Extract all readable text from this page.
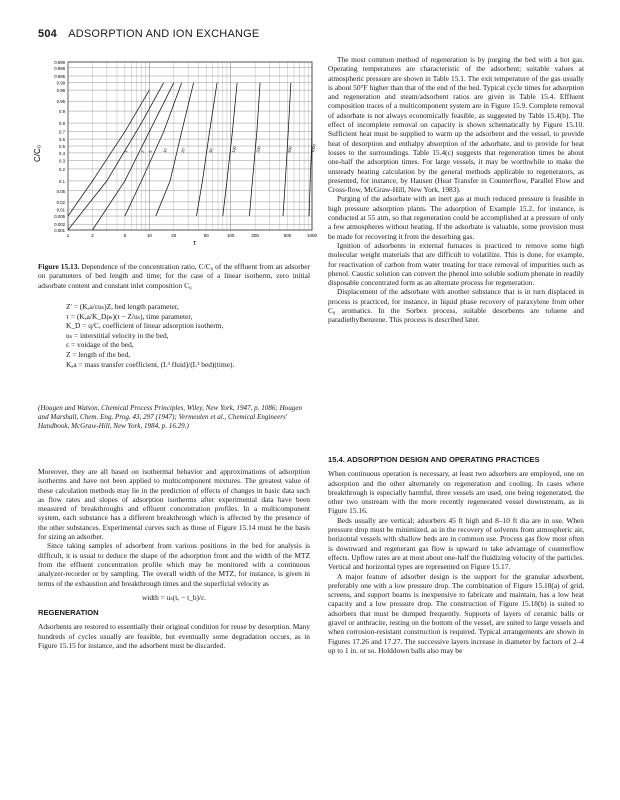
504 ADSORPTION AND ION EXCHANGE
0.999
0.998
0.995
0.99
0.98
0.95
0.9
0.8
0.7
0.6
0.5
0.4
0.3
0.2
0.1
0.05
0.02
0.01
0.005
0.002
0.001
1	2	5	10	20	50	100	200	500	1000
1	2 5	10	20	50	100	200	500	1000
C/C₀
τ
Figure 15.13. Dependence of the concentration ratio, C/C₀ of the effluent from an adsorber on parameters of bed length and time; for the case of a linear isotherm, zero initial adsorbate content and constant inlet composition C₀
Z' = (Kₐa/εuₛ)Z, bed length parameter,
τ = (Kₐa/K_Dρₛ)(t − Z/uₛ), time parameter,
K_D = q/C, coefficient of linear adsorption isotherm,
uₛ = interstitial velocity in the bed,
ε = voidage of the bed,
Z = length of the bed,
Kₐa = mass transfer coefficient, (L³ fluid)/(L³ bed)(time).
(Hougen and Watson, Chemical Process Principles, Wiley, New York, 1947, p. 1086; Hougen and Marshall, Chem. Eng. Prog. 43, 297 (1947); Vermeulen et al., Chemical Engineers' Handbook, McGraw-Hill, New York, 1984, p. 16.29.)

Moreover, they are all based on isothermal behavior and approximations of adsorption isotherms and have not been applied to multicomponent mixtures. The greatest value of these calculation methods may lie in the prediction of effects of changes in basic data such as flow rates and slopes of adsorption isotherms after experimental data have been measured of breakthroughs and effluent concentration profiles. In a multicomponent system, each substance has a different breakthrough which is affected by the presence of the other substances. Experimental curves such as those of Figure 15.14 must be the basis for sizing an adsorber.

Since taking samples of adsorbent from various positions in the bed for analysis is difficult, it is usual to deduce the shape of the adsorption front and the width of the MTZ from the effluent concentration profile which may be monitored with a continuous analyzer-recorder or by sampling. The overall width of the MTZ, for instance, is given in terms of the exhaustion and breakthrough times and the superficial velocity as

width = uₛ(tₑ − t_b)/ε.
REGENERATION

Adsorbents are restored to essentially their original condition for reuse by desorption. Many hundreds of cycles usually are feasible, but eventually some degradation occurs, as in Figure 15.15 for instance, and the adsorbent must be discarded.

The most common method of regeneration is by purging the bed with a hot gas. Operating temperatures are characteristic of the adsorbent; suitable values at atmospheric pressure are shown in Table 15.1. The exit temperature of the gas usually is about 50°F higher than that of the end of the bed. Typical cycle times for adsorption and regeneration and steam/adsorbent ratios are given in Table 15.4. Effluent composition traces of a multicomponent system are in Figure 15.9. Complete removal of adsorbate is not always economically feasible, as suggested by Table 15.4(b). The effect of incomplete removal on capacity is shown schematically by Figure 15.10. Sufficient heat must be supplied to warm up the adsorbent and the vessel, to provide heat of desorption and enthalpy absorption of the adsorbate, and to provide for heat losses to the surroundings. Table 15.4(c) suggests that regeneration times be about one-half the adsorption times. For large vessels, it may be worthwhile to make the unsteady heating calculation by the general methods applicable to regenerators, as presented, for instance, by Hausen (Heat Transfer in Counterflow, Parallel Flow and Cross-flow, McGraw-Hill, New York, 1983).

Purging of the adsorbate with an inert gas at much reduced pressure is feasible in high pressure adsorption plants. The adsorption of Example 15.2, for instance, is conducted at 55 atm, so that regeneration could be accomplished at a pressure of only a few atmospheres without heating. If the adsorbate is valuable, some provision must be made for recovering it from the desorbing gas.

Ignition of adsorbents in external furnaces is practiced to remove some high molecular weight materials that are difficult to volatilize. This is done, for example, for reactivation of carbon from water treating for trace removal of impurities such as phenol. Caustic solution can convert the phenol into soluble sodium phenate in readily disposable concentrated form as an alternate process for regeneration.

Displacement of the adsorbate with another substance that is in turn displaced in process is practiced, for instance, in liquid phase recovery of paraxylene from other C₈ aromatics. In the Sorbex process, suitable desorbents are toluene and paradiethylbenzene. This process is described later.

15.4. ADSORPTION DESIGN AND OPERATING PRACTICES

When continuous operation is necessary, at least two adsorbers are employed, one on adsorption and the other alternately on regeneration and cooling. In cases where breakthrough is especially harmful, three vessels are used, one being regenerated, the other two onstream with the more recently regenerated vessel downstream, as in Figure 15.16.

Beds usually are vertical; adsorbers 45 ft high and 8–10 ft dia are in use. When pressure drop must be minimized, as in the recovery of solvents from atmospheric air, horizontal vessels with shallow beds are in common use. Process gas flow most often is downward and regenerant gas flow is upward to take advantage of counterflow effects. Upflow rates are at most about one-half the fluidizing velocity of the particles. Vertical and horizontal types are represented on Figure 15.17.

A major feature of adsorber design is the support for the granular adsorbent, preferably one with a low pressure drop. The combination of Figure 15.18(a) of grid, screens, and support beams is inexpensive to fabricate and maintain, has a low heat capacity and a low pressure drop. The construction of Figure 15.18(b) is suited to adsorbers that must be dumped frequently. Supports of layers of ceramic balls or gravel or anthracite, resting on the bottom of the vessel, are suited to large vessels and when corrosion-resistant construction is required. Typical arrangements are shown in Figures 17.26 and 17.27. The successive layers increase in diameter by factors of 2–4 up to 1 in. or so. Holddown balls also may be
